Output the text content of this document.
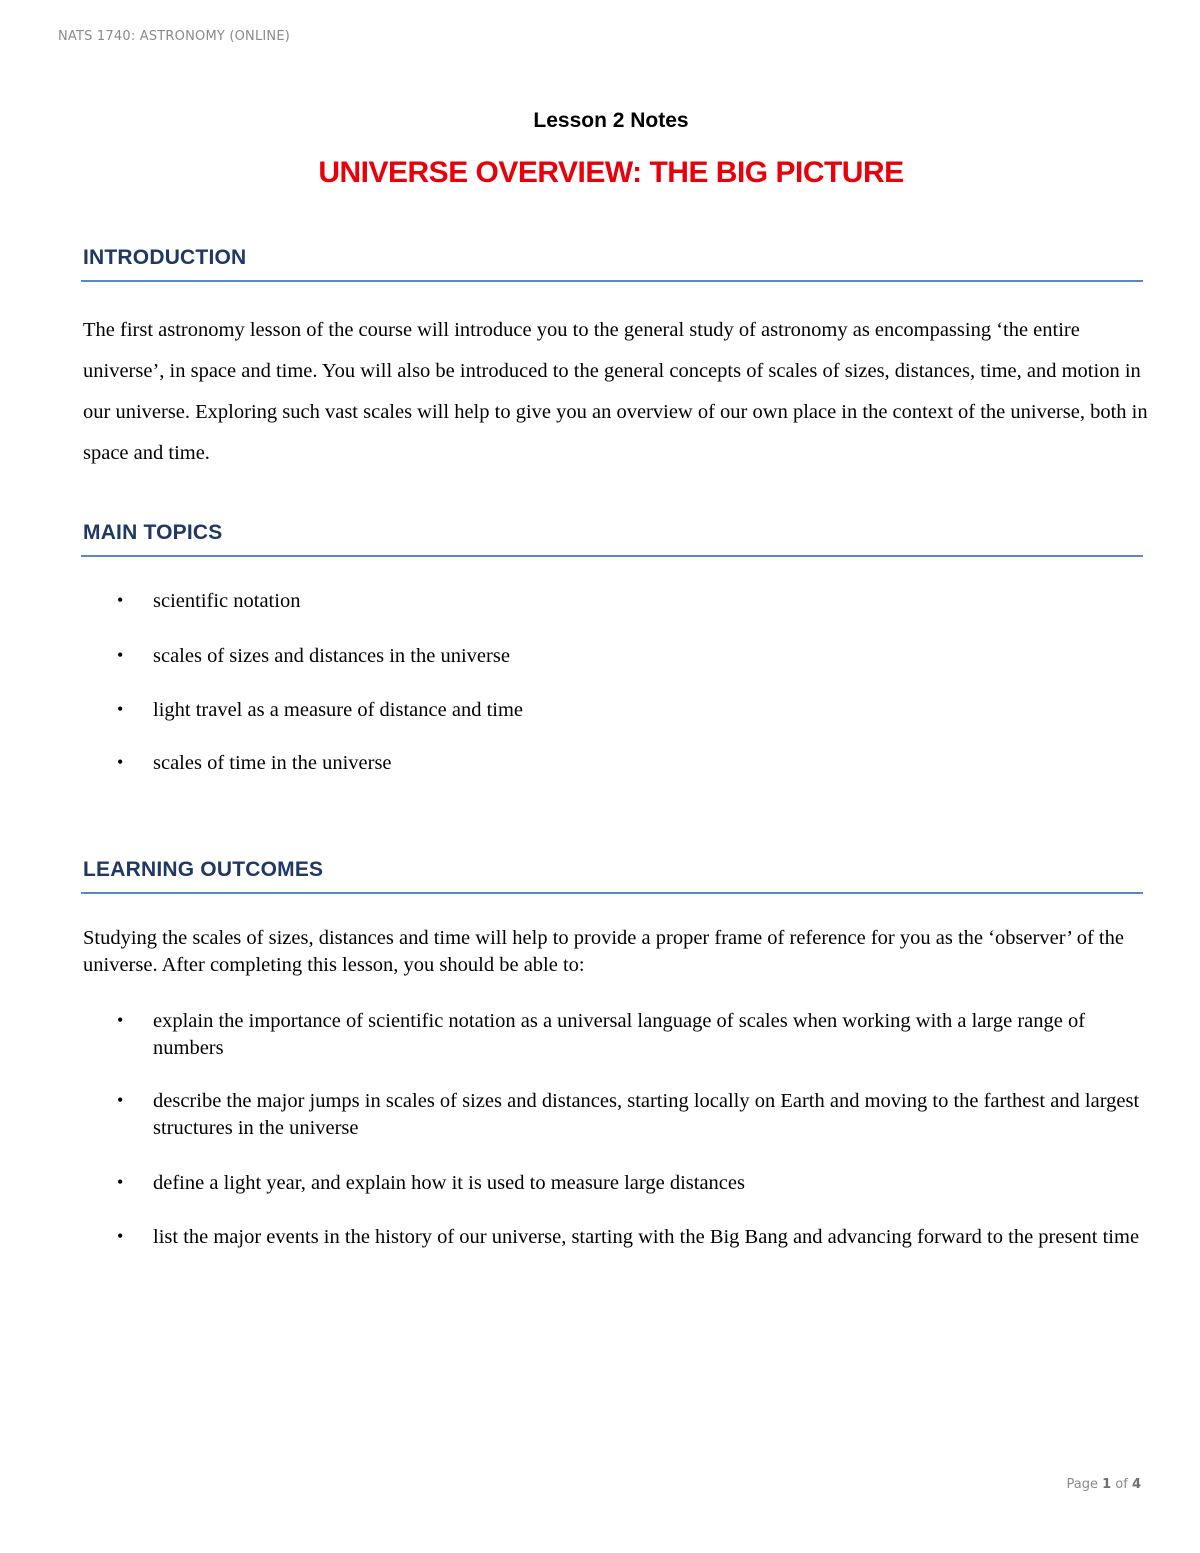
NATS 1740: ASTRONOMY (ONLINE)
Lesson 2 Notes
UNIVERSE OVERVIEW: THE BIG PICTURE
INTRODUCTION

The first astronomy lesson of the course will introduce you to the general study of astronomy as encompassing ‘the entire universe’, in space and time. You will also be introduced to the general concepts of scales of sizes, distances, time, and motion in our universe. Exploring such vast scales will help to give you an overview of our own place in the context of the universe, both in space and time.

MAIN TOPICS
• scientific notation
• scales of sizes and distances in the universe
• light travel as a measure of distance and time
• scales of time in the universe
LEARNING OUTCOMES

Studying the scales of sizes, distances and time will help to provide a proper frame of reference for you as the ‘observer’ of the universe. After completing this lesson, you should be able to:

• explain the importance of scientific notation as a universal language of scales when working with a large range of numbers
• describe the major jumps in scales of sizes and distances, starting locally on Earth and moving to the farthest and largest structures in the universe
• define a light year, and explain how it is used to measure large distances
• list the major events in the history of our universe, starting with the Big Bang and advancing forward to the present time
Page 1 of 4
